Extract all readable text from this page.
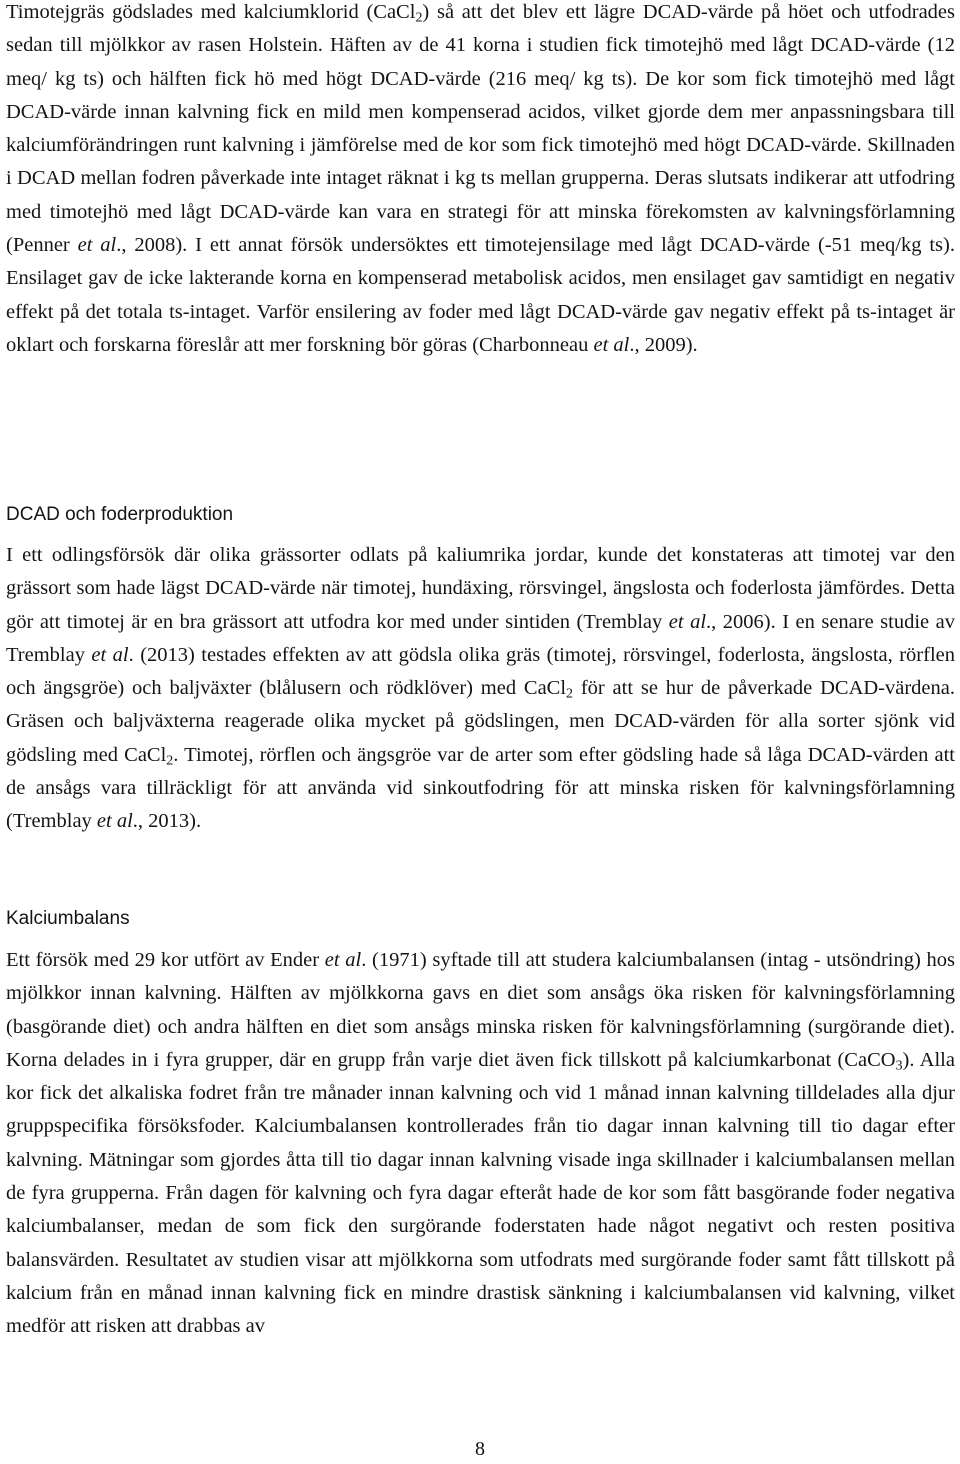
Timotejgräs gödslades med kalciumklorid (CaCl$_2$) så att det blev ett lägre DCAD-värde på höet och utfodrades sedan till mjölkkor av rasen Holstein. Häften av de 41 korna i studien fick timotejhö med lågt DCAD-värde (12 meq/ kg ts) och hälften fick hö med högt DCAD-värde (216 meq/ kg ts). De kor som fick timotejhö med lågt DCAD-värde innan kalvning fick en mild men kompenserad acidos, vilket gjorde dem mer anpassningsbara till kalciumförändringen runt kalvning i jämförelse med de kor som fick timotejhö med högt DCAD-värde. Skillnaden i DCAD mellan fodren påverkade inte intaget räknat i kg ts mellan grupperna. Deras slutsats indikerar att utfodring med timotejhö med lågt DCAD-värde kan vara en strategi för att minska förekomsten av kalvningsförlamning (Penner et al., 2008). I ett annat försök undersöktes ett timotejensilage med lågt DCAD-värde (-51 meq/kg ts). Ensilaget gav de icke lakterande korna en kompenserad metabolisk acidos, men ensilaget gav samtidigt en negativ effekt på det totala ts-intaget. Varför ensilering av foder med lågt DCAD-värde gav negativ effekt på ts-intaget är oklart och forskarna föreslår att mer forskning bör göras (Charbonneau et al., 2009).

DCAD och foderproduktion

I ett odlingsförsök där olika grässorter odlats på kaliumrika jordar, kunde det konstateras att timotej var den grässort som hade lägst DCAD-värde när timotej, hundäxing, rörsvingel, ängslosta och foderlosta jämfördes. Detta gör att timotej är en bra grässort att utfodra kor med under sintiden (Tremblay et al., 2006). I en senare studie av Tremblay et al. (2013) testades effekten av att gödsla olika gräs (timotej, rörsvingel, foderlosta, ängslosta, rörflen och ängsgröe) och baljväxter (blålusern och rödklöver) med CaCl$_2$ för att se hur de påverkade DCAD-värdena. Gräsen och baljväxterna reagerade olika mycket på gödslingen, men DCAD-värden för alla sorter sjönk vid gödsling med CaCl$_2$. Timotej, rörflen och ängsgröe var de arter som efter gödsling hade så låga DCAD-värden att de ansågs vara tillräckligt för att använda vid sinkoutfodring för att minska risken för kalvningsförlamning (Tremblay et al., 2013).

Kalciumbalans

Ett försök med 29 kor utfört av Ender et al. (1971) syftade till att studera kalciumbalansen (intag - utsöndring) hos mjölkkor innan kalvning. Hälften av mjölkkorna gavs en diet som ansågs öka risken för kalvningsförlamning (basgörande diet) och andra hälften en diet som ansågs minska risken för kalvningsförlamning (surgörande diet). Korna delades in i fyra grupper, där en grupp från varje diet även fick tillskott på kalciumkarbonat (CaCO$_3$). Alla kor fick det alkaliska fodret från tre månader innan kalvning och vid 1 månad innan kalvning tilldelades alla djur gruppspecifika försöksfoder. Kalciumbalansen kontrollerades från tio dagar innan kalvning till tio dagar efter kalvning. Mätningar som gjordes åtta till tio dagar innan kalvning visade inga skillnader i kalciumbalansen mellan de fyra grupperna. Från dagen för kalvning och fyra dagar efteråt hade de kor som fått basgörande foder negativa kalciumbalanser, medan de som fick den surgörande foderstaten hade något negativt och resten positiva balansvärden. Resultatet av studien visar att mjölkkorna som utfodrats med surgörande foder samt fått tillskott på kalcium från en månad innan kalvning fick en mindre drastisk sänkning i kalciumbalansen vid kalvning, vilket medför att risken att drabbas av

8
